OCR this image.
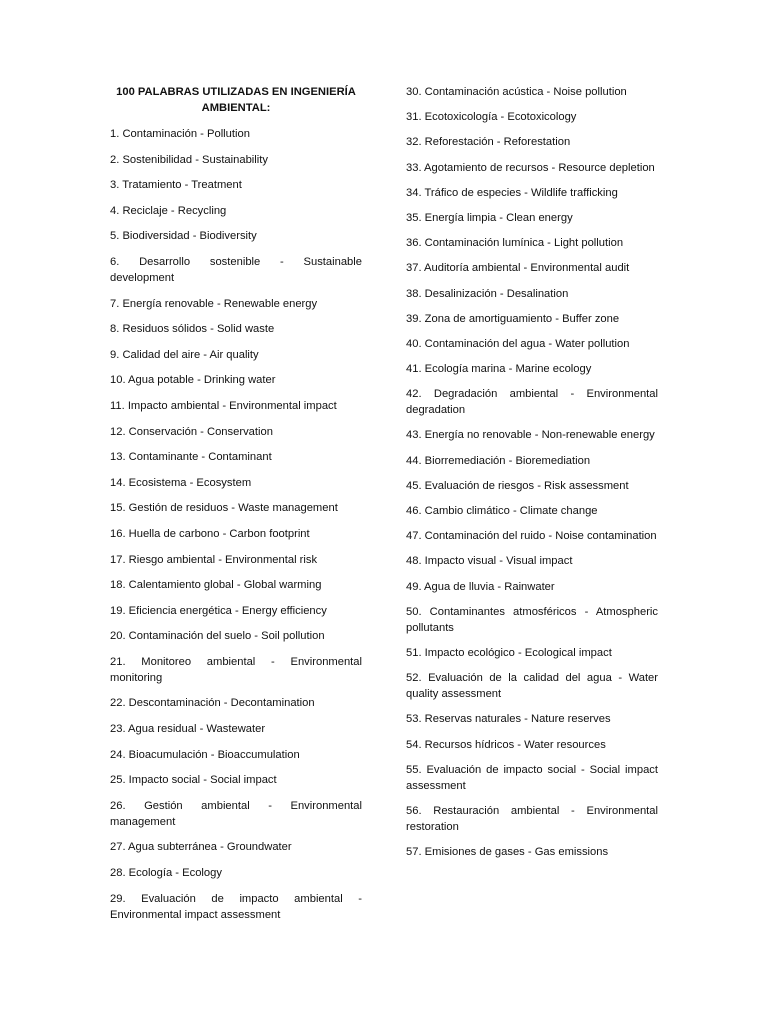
100 PALABRAS UTILIZADAS EN INGENIERÍA AMBIENTAL:

1. Contaminación - Pollution

2. Sostenibilidad - Sustainability

3. Tratamiento - Treatment

4. Reciclaje - Recycling

5. Biodiversidad - Biodiversity

6. Desarrollo sostenible - Sustainable development

7. Energía renovable - Renewable energy

8. Residuos sólidos - Solid waste

9. Calidad del aire - Air quality

10. Agua potable - Drinking water

11. Impacto ambiental - Environmental impact

12. Conservación - Conservation

13. Contaminante - Contaminant

14. Ecosistema - Ecosystem

15. Gestión de residuos - Waste management

16. Huella de carbono - Carbon footprint

17. Riesgo ambiental - Environmental risk

18. Calentamiento global - Global warming

19. Eficiencia energética - Energy efficiency

20. Contaminación del suelo - Soil pollution

21. Monitoreo ambiental - Environmental monitoring

22. Descontaminación - Decontamination

23. Agua residual - Wastewater

24. Bioacumulación - Bioaccumulation

25. Impacto social - Social impact

26. Gestión ambiental - Environmental management

27. Agua subterránea - Groundwater

28. Ecología - Ecology

29. Evaluación de impacto ambiental - Environmental impact assessment

30. Contaminación acústica - Noise pollution

31. Ecotoxicología - Ecotoxicology

32. Reforestación - Reforestation

33. Agotamiento de recursos - Resource depletion

34. Tráfico de especies - Wildlife trafficking

35. Energía limpia - Clean energy

36. Contaminación lumínica - Light pollution

37. Auditoría ambiental - Environmental audit

38. Desalinización - Desalination

39. Zona de amortiguamiento - Buffer zone

40. Contaminación del agua - Water pollution

41. Ecología marina - Marine ecology

42. Degradación ambiental - Environmental degradation

43. Energía no renovable - Non-renewable energy

44. Biorremediación - Bioremediation

45. Evaluación de riesgos - Risk assessment

46. Cambio climático - Climate change

47. Contaminación del ruido - Noise contamination

48. Impacto visual - Visual impact

49. Agua de lluvia - Rainwater

50. Contaminantes atmosféricos - Atmospheric pollutants

51. Impacto ecológico - Ecological impact

52. Evaluación de la calidad del agua - Water quality assessment

53. Reservas naturales - Nature reserves

54. Recursos hídricos - Water resources

55. Evaluación de impacto social - Social impact assessment

56. Restauración ambiental - Environmental restoration

57. Emisiones de gases - Gas emissions
